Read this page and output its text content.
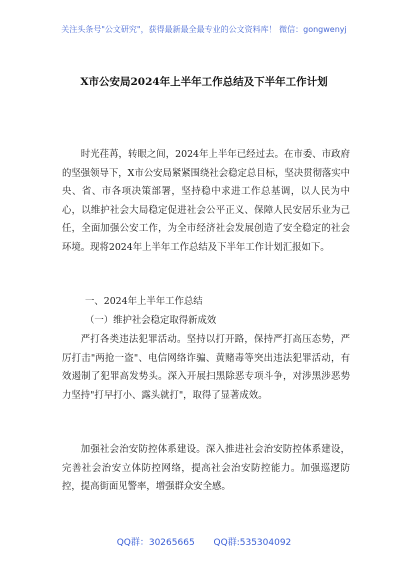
关注头条号"公文研究"，获得最新最全最专业的公文资料库！ 微信：gongwenyj
X市公安局2024年上半年工作总结及下半年工作计划
时光荏苒，转眼之间，2024年上半年已经过去。在市委、市政府的坚强领导下，X市公安局紧紧围绕社会稳定总目标，坚决贯彻落实中央、省、市各项决策部署，坚持稳中求进工作总基调，以人民为中心，以维护社会大局稳定促进社会公平正义、保障人民安居乐业为己任，全面加强公安工作，为全市经济社会发展创造了安全稳定的社会环境。现将2024年上半年工作总结及下半年工作计划汇报如下。
一、2024年上半年工作总结
（一）维护社会稳定取得新成效
严打各类违法犯罪活动。坚持以打开路，保持严打高压态势，严厉打击"两抢一盗"、电信网络诈骗、黄赌毒等突出违法犯罪活动，有效遏制了犯罪高发势头。深入开展扫黑除恶专项斗争，对涉黑涉恶势力坚持"打早打小、露头就打"，取得了显著成效。
加强社会治安防控体系建设。深入推进社会治安防控体系建设，完善社会治安立体防控网络，提高社会治安防控能力。加强巡逻防控，提高街面见警率，增强群众安全感。
QQ群：30265665 QQ群:535304092
